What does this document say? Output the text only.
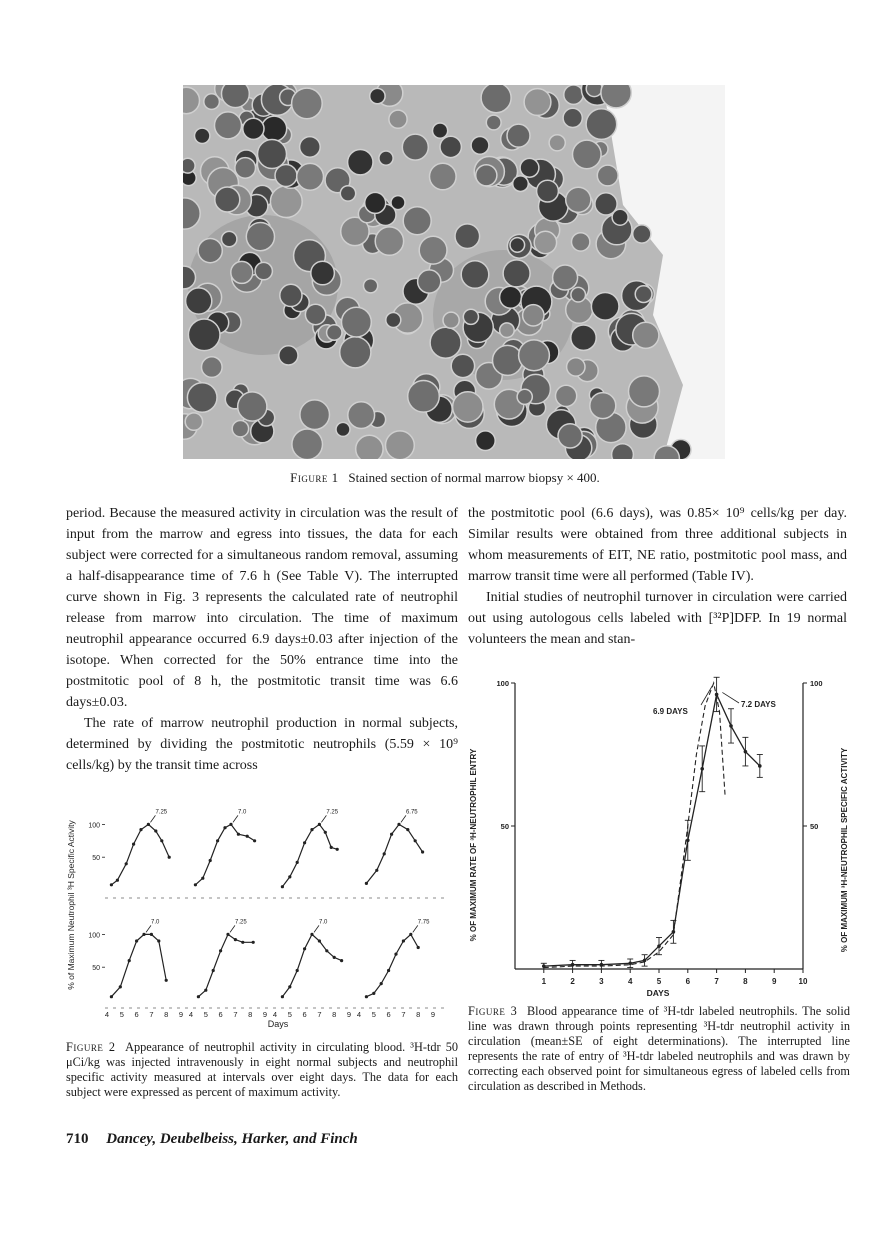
Figure 1 Stained section of normal marrow biopsy × 400.

period. Because the measured activity in circulation was the result of input from the marrow and egress into tissues, the data for each subject were corrected for a simultaneous random removal, assuming a half-disappearance time of 7.6 h (See Table V). The interrupted curve shown in Fig. 3 represents the calculated rate of neutrophil release from marrow into circulation. The time of maximum neutrophil appearance occurred 6.9 days±0.03 after injection of the isotope. When corrected for the 50% entrance time into the postmitotic pool of 8 h, the postmitotic transit time was 6.6 days±0.03.

The rate of marrow neutrophil production in normal subjects, determined by dividing the postmitotic neutrophils (5.59 × 10⁹ cells/kg) by the transit time across

the postmitotic pool (6.6 days), was 0.85× 10⁹ cells/kg per day. Similar results were obtained from three additional subjects in whom measurements of EIT, NE ratio, postmitotic pool mass, and marrow transit time were all performed (Table IV).

Initial studies of neutrophil turnover in circulation were carried out using autologous cells labeled with [³²P]DFP. In 19 normal volunteers the mean and stan-

% of Maximum Neutrophil ³H Specific Activity
Days
7.25	7.0	7.25	6.75
7.0	7.25	7.0	7.75
100
50
100
50
4 5 6 7 8 9 4 5 6 7 8 9 4 5 6 7 8 9 4 5 6 7 8 9
Figure 2 Appearance of neutrophil activity in circulating blood. ³H-tdr 50 μCi/kg was injected intravenously in eight normal subjects and neutrophil specific activity measured at intervals over eight days. The data for each subject were expressed as percent of maximum activity.
% OF MAXIMUM RATE OF ³H-NEUTROPHIL ENTRY	% OF MAXIMUM ³H-NEUTROPHIL SPECIFIC ACTIVITY
DAYS
6.9 DAYS
7.2 DAYS
50	50
100	100
1	2	3	4	5	6	7	8	9	10
Figure 3 Blood appearance time of ³H-tdr labeled neutrophils. The solid line was drawn through points representing ³H-tdr neutrophil activity in circulation (mean±SE of eight determinations). The interrupted line represents the rate of entry of ³H-tdr labeled neutrophils and was drawn by correcting each observed point for simultaneous egress of labeled cells from circulation as described in Methods.
710 Dancey, Deubelbeiss, Harker, and Finch
